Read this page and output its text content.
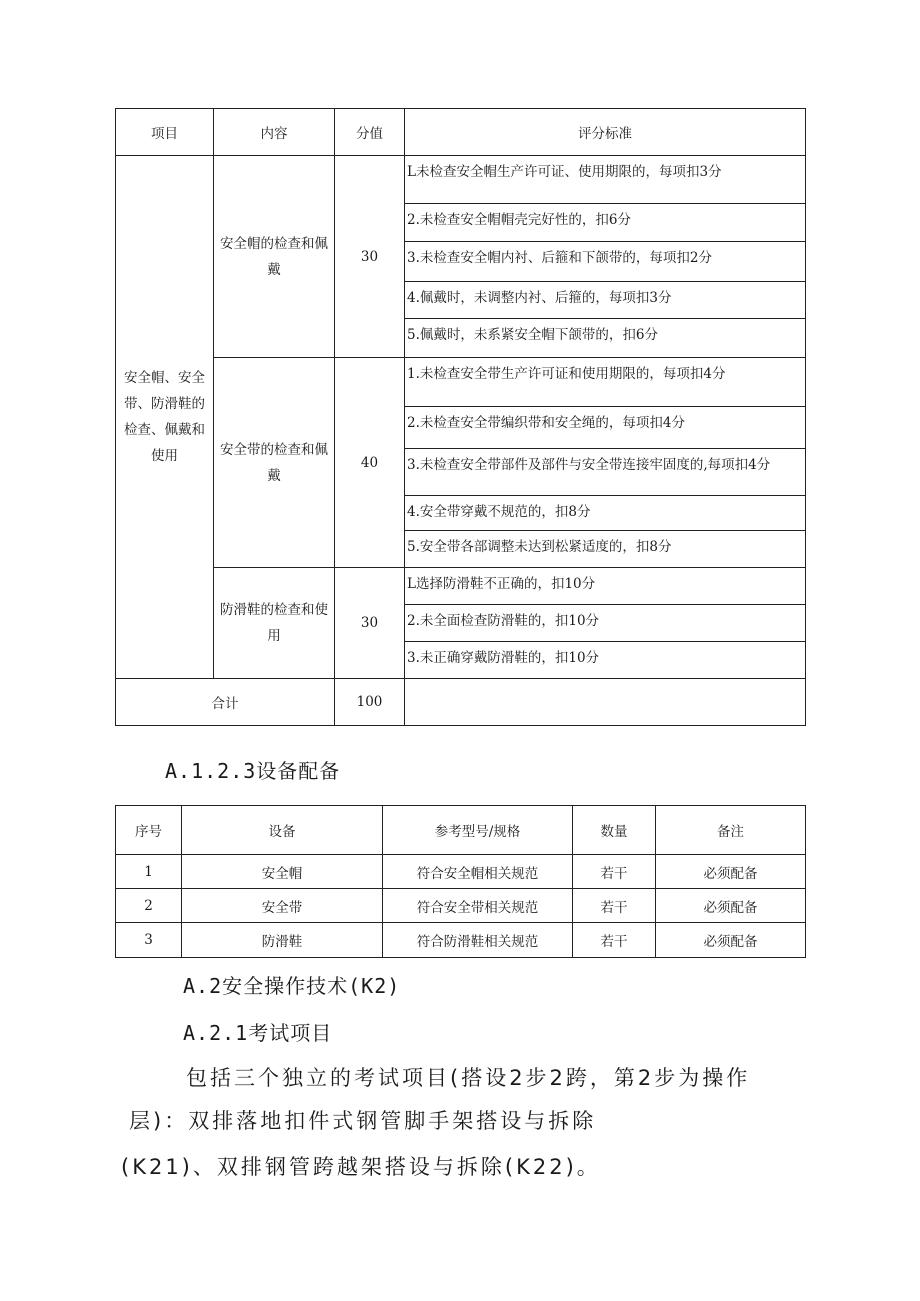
项目	内容	分值	评分标准
安全帽、安全带、防滑鞋的检查、佩戴和使用	安全帽的检查和佩戴	30	L未检查安全帽生产许可证、使用期限的，每项扣3分
			2.未检查安全帽帽壳完好性的，扣6分
			3.未检查安全帽内衬、后箍和下颌带的，每项扣2分
			4.佩戴时，未调整内衬、后箍的，每项扣3分
			5.佩戴时，未系紧安全帽下颌带的，扣6分
	安全带的检查和佩戴	40	1.未检查安全带生产许可证和使用期限的，每项扣4分
			2.未检查安全带编织带和安全绳的，每项扣4分
			3.未检查安全带部件及部件与安全带连接牢固度的,每项扣4分
			4.安全带穿戴不规范的，扣8分
			5.安全带各部调整未达到松紧适度的，扣8分
	防滑鞋的检查和使用	30	L选择防滑鞋不正确的，扣10分
			2.未全面检查防滑鞋的，扣10分
			3.未正确穿戴防滑鞋的，扣10分
合计		100	
A.1.2.3设备配备
序号	设备	参考型号/规格	数量	备注
1	安全帽	符合安全帽相关规范	若干	必须配备
2	安全带	符合安全带相关规范	若干	必须配备
3	防滑鞋	符合防滑鞋相关规范	若干	必须配备
A.2安全操作技术(K2)
A.2.1考试项目
包括三个独立的考试项目(搭设2步2跨，第2步为操作
层)：双排落地扣件式钢管脚手架搭设与拆除
(K21)、双排钢管跨越架搭设与拆除(K22)。
